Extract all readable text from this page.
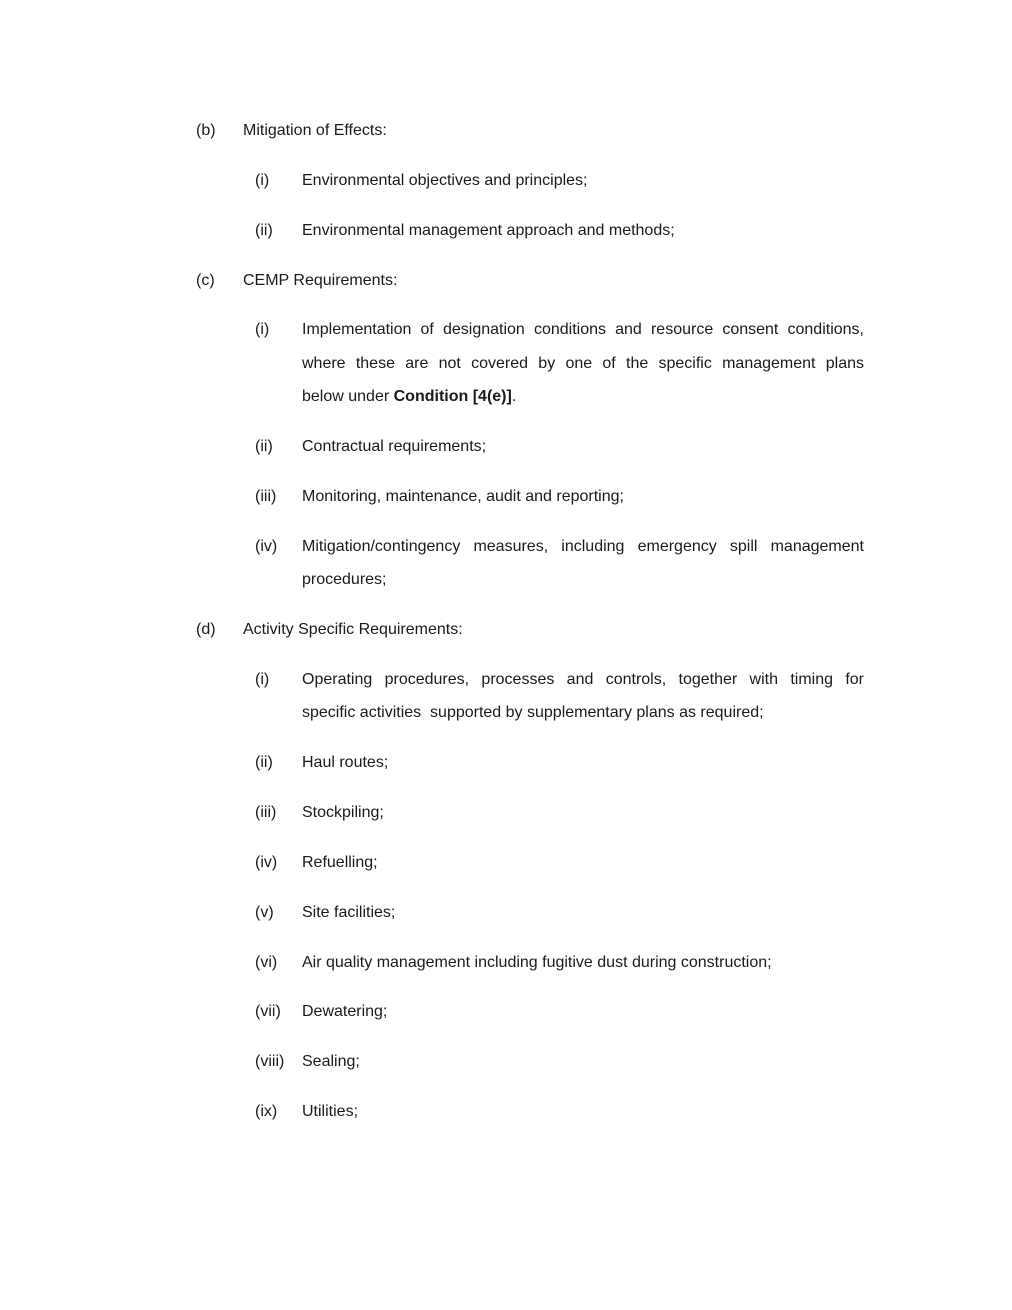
(b) Mitigation of Effects:
(i) Environmental objectives and principles;
(ii) Environmental management approach and methods;
(c) CEMP Requirements:
(i) Implementation of designation conditions and resource consent conditions,
where these are not covered by one of the specific management plans
below under Condition [4(e)].
(ii) Contractual requirements;
(iii) Monitoring, maintenance, audit and reporting;
(iv) Mitigation/contingency measures, including emergency spill management
procedures;
(d) Activity Specific Requirements:
(i) Operating procedures, processes and controls, together with timing for
specific activities  supported by supplementary plans as required;
(ii) Haul routes;
(iii) Stockpiling;
(iv) Refuelling;
(v) Site facilities;
(vi) Air quality management including fugitive dust during construction;
(vii) Dewatering;
(viii) Sealing;
(ix) Utilities;
